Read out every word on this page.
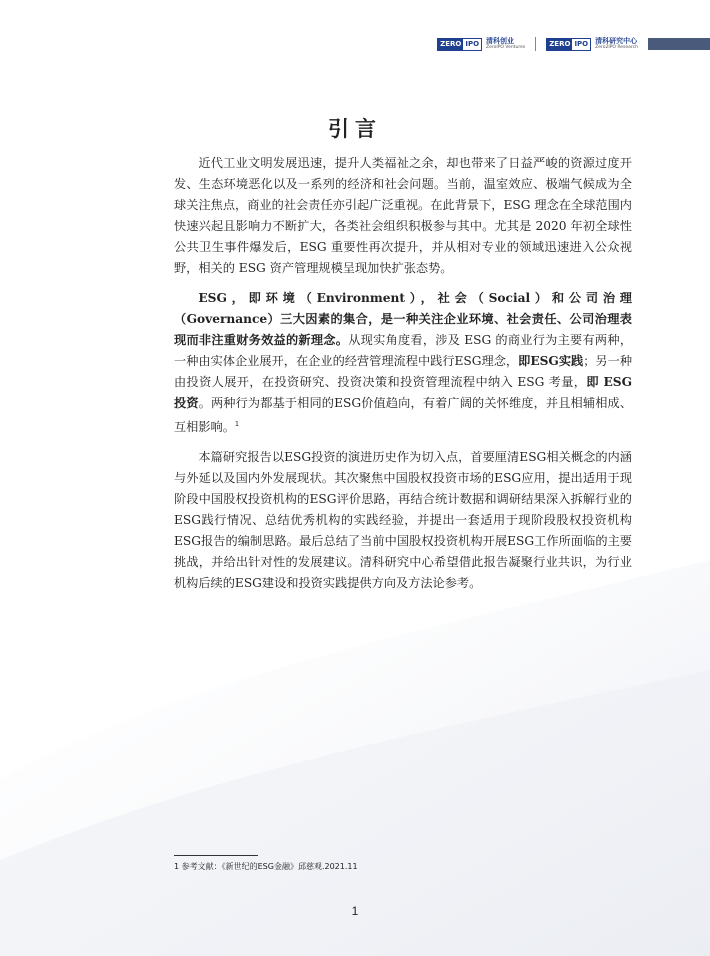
ZERO IPO 清科创业
ZeroIPO Ventures	ZERO IPO 清科研究中心
Zero2IPO Research
引言

近代工业文明发展迅速，提升人类福祉之余，却也带来了日益严峻的资源过度开发、生态环境恶化以及一系列的经济和社会问题。当前，温室效应、极端气候成为全球关注焦点，商业的社会责任亦引起广泛重视。在此背景下，ESG 理念在全球范围内快速兴起且影响力不断扩大，各类社会组织积极参与其中。尤其是 2020 年初全球性公共卫生事件爆发后，ESG 重要性再次提升，并从相对专业的领域迅速进入公众视野，相关的 ESG 资产管理规模呈现加快扩张态势。

ESG，即环境（Environment），社会（Social）和公司治理（Governance）三大因素的集合，是一种关注企业环境、社会责任、公司治理表现而非注重财务效益的新理念。从现实角度看，涉及 ESG 的商业行为主要有两种，一种由实体企业展开，在企业的经营管理流程中践行ESG理念，即ESG实践；另一种由投资人展开，在投资研究、投资决策和投资管理流程中纳入 ESG 考量，即 ESG 投资。两种行为都基于相同的ESG价值趋向，有着广阔的关怀维度，并且相辅相成、互相影响。$^1$

本篇研究报告以ESG投资的演进历史作为切入点，首要厘清ESG相关概念的内涵与外延以及国内外发展现状。其次聚焦中国股权投资市场的ESG应用，提出适用于现阶段中国股权投资机构的ESG评价思路，再结合统计数据和调研结果深入拆解行业的ESG践行情况、总结优秀机构的实践经验，并提出一套适用于现阶段股权投资机构ESG报告的编制思路。最后总结了当前中国股权投资机构开展ESG工作所面临的主要挑战，并给出针对性的发展建议。清科研究中心希望借此报告凝聚行业共识，为行业机构后续的ESG建设和投资实践提供方向及方法论参考。

1 参考文献：《新世纪的ESG金融》邱慈观.2021.11
1
